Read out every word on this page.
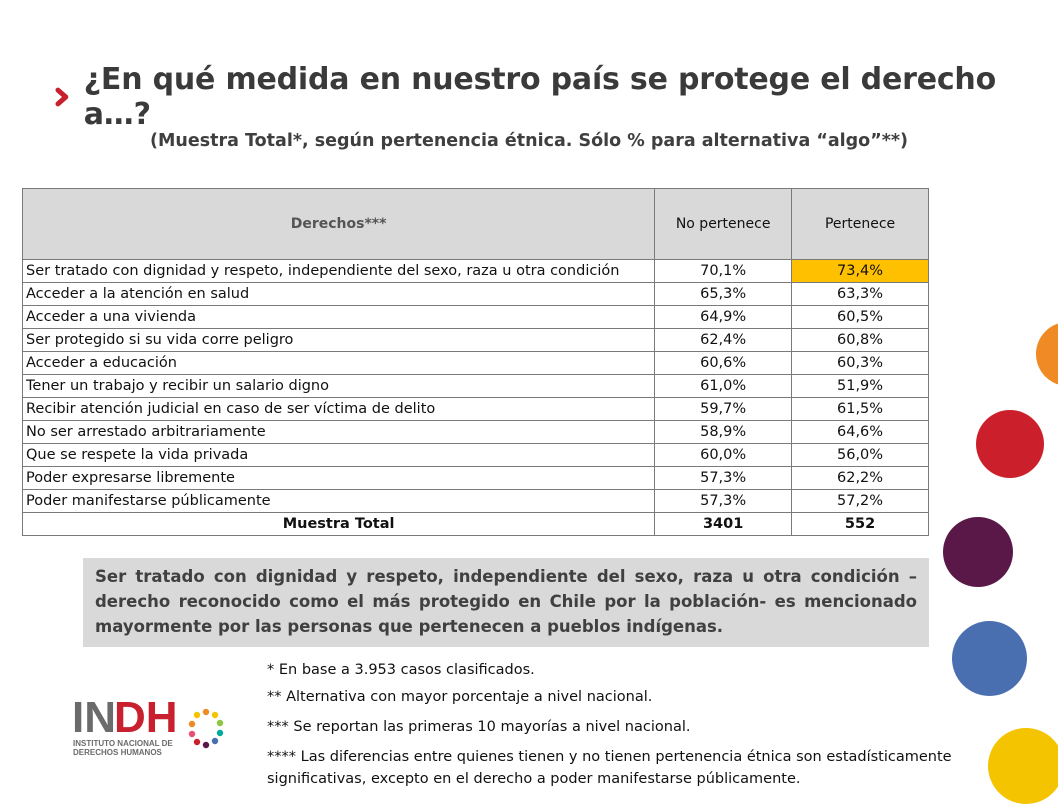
¿En qué medida en nuestro país se protege el derecho a…?
(Muestra Total*, según pertenencia étnica. Sólo % para alternativa “algo”**)
Derechos***	No pertenece	Pertenece
Ser tratado con dignidad y respeto, independiente del sexo, raza u otra condición	70,1%	73,4%
Acceder a la atención en salud	65,3%	63,3%
Acceder a una vivienda	64,9%	60,5%
Ser protegido si su vida corre peligro	62,4%	60,8%
Acceder a educación	60,6%	60,3%
Tener un trabajo y recibir un salario digno	61,0%	51,9%
Recibir atención judicial en caso de ser víctima de delito	59,7%	61,5%
No ser arrestado arbitrariamente	58,9%	64,6%
Que se respete la vida privada	60,0%	56,0%
Poder expresarse libremente	57,3%	62,2%
Poder manifestarse públicamente	57,3%	57,2%
Muestra Total	3401	552
Ser tratado con dignidad y respeto, independiente del sexo, raza u otra condición – derecho reconocido como el más protegido en Chile por la población- es mencionado mayormente por las personas que pertenecen a pueblos indígenas.
* En base a 3.953 casos clasificados.
** Alternativa con mayor porcentaje a nivel nacional.
*** Se reportan las primeras 10 mayorías a nivel nacional.
**** Las diferencias entre quienes tienen y no tienen pertenencia étnica son estadísticamente significativas, excepto en el derecho a poder manifestarse públicamente.
IN
DH
INSTITUTO NACIONAL DE
DERECHOS HUMANOS
